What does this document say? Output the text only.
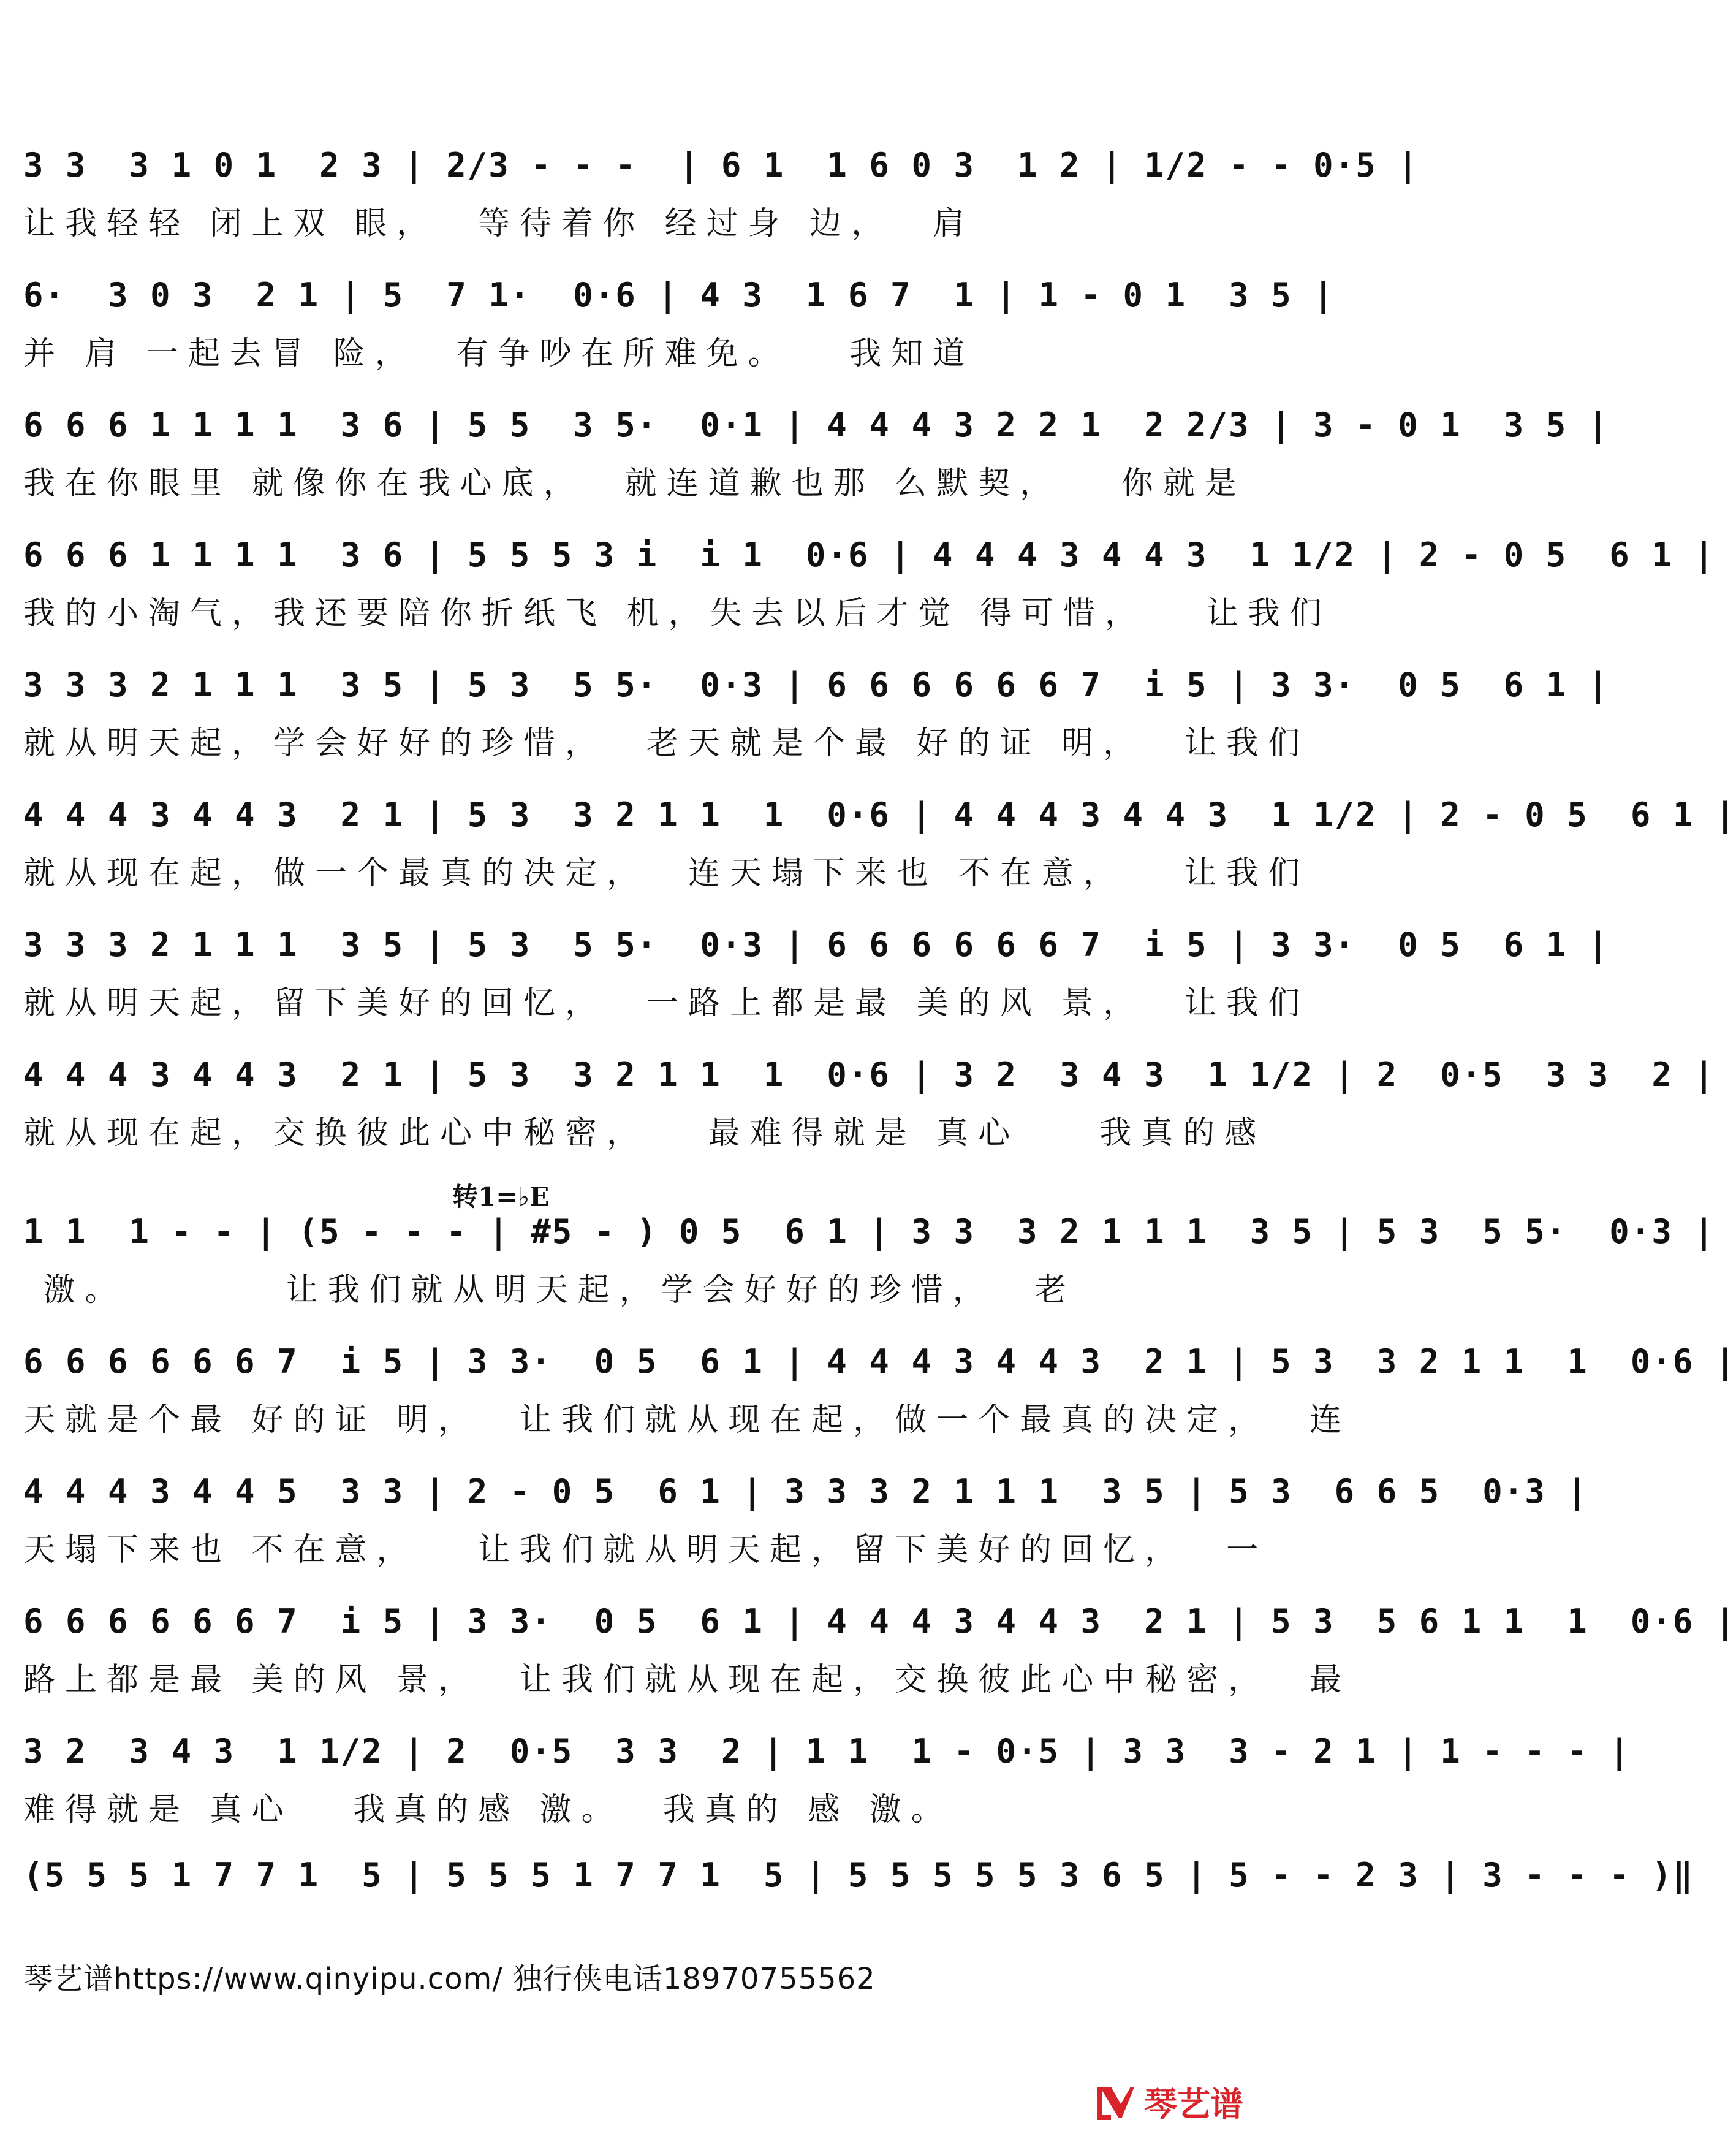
3 3  3 1 0 1  2 3 | 2/3 - - -  | 6 1  1 6 0 3  1 2 | 1/2 - - 0·5 |
让我轻轻 闭上双 眼，  等待着你 经过身 边，  肩
6·  3 0 3  2 1 | 5  7 1·  0·6 | 4 3  1 6 7  1 | 1 - 0 1  3 5 |
并 肩 一起去冒 险，  有争吵在所难免。   我知道
6 6 6 1 1 1 1  3 6 | 5 5  3 5·  0·1 | 4 4 4 3 2 2 1  2 2/3 | 3 - 0 1  3 5 |
我在你眼里 就像你在我心底，  就连道歉也那 么默契，   你就是
6 6 6 1 1 1 1  3 6 | 5 5 5 3 i  i 1  0·6 | 4 4 4 3 4 4 3  1 1/2 | 2 - 0 5  6 1 |
我的小淘气，我还要陪你折纸飞 机，失去以后才觉 得可惜，   让我们
3 3 3 2 1 1 1  3 5 | 5 3  5 5·  0·3 | 6 6 6 6 6 6 7  i 5 | 3 3·  0 5  6 1 |
就从明天起，学会好好的珍惜，  老天就是个最 好的证 明，  让我们
4 4 4 3 4 4 3  2 1 | 5 3  3 2 1 1  1  0·6 | 4 4 4 3 4 4 3  1 1/2 | 2 - 0 5  6 1 |
就从现在起，做一个最真的决定，  连天塌下来也 不在意，   让我们
3 3 3 2 1 1 1  3 5 | 5 3  5 5·  0·3 | 6 6 6 6 6 6 7  i 5 | 3 3·  0 5  6 1 |
就从明天起，留下美好的回忆，  一路上都是最 美的风 景，  让我们
4 4 4 3 4 4 3  2 1 | 5 3  3 2 1 1  1  0·6 | 3 2  3 4 3  1 1/2 | 2  0·5  3 3  2 |
就从现在起，交换彼此心中秘密，   最难得就是 真心    我真的感
转1=♭E
1 1  1 - - | (5 - - - | #5 - ) 0 5  6 1 | 3 3  3 2 1 1 1  3 5 | 5 3  5 5·  0·3 |
激。        让我们就从明天起，学会好好的珍惜，  老
6 6 6 6 6 6 7  i 5 | 3 3·  0 5  6 1 | 4 4 4 3 4 4 3  2 1 | 5 3  3 2 1 1  1  0·6 |
天就是个最 好的证 明，  让我们就从现在起，做一个最真的决定，  连
4 4 4 3 4 4 5  3 3 | 2 - 0 5  6 1 | 3 3 3 2 1 1 1  3 5 | 5 3  6 6 5  0·3 |
天塌下来也 不在意，   让我们就从明天起，留下美好的回忆，  一
6 6 6 6 6 6 7  i 5 | 3 3·  0 5  6 1 | 4 4 4 3 4 4 3  2 1 | 5 3  5 6 1 1  1  0·6 |
路上都是最 美的风 景，  让我们就从现在起，交换彼此心中秘密，  最
3 2  3 4 3  1 1/2 | 2  0·5  3 3  2 | 1 1  1 - 0·5 | 3 3  3 - 2 1 | 1 - - - |
难得就是 真心   我真的感 激。  我真的 感 激。
(5 5 5 1 7 7 1  5 | 5 5 5 1 7 7 1  5 | 5 5 5 5 5 3 6 5 | 5 - - 2 3 | 3 - - - )‖
琴艺谱https://www.qinyipu.com/ 独行侠电话18970755562
琴艺谱
